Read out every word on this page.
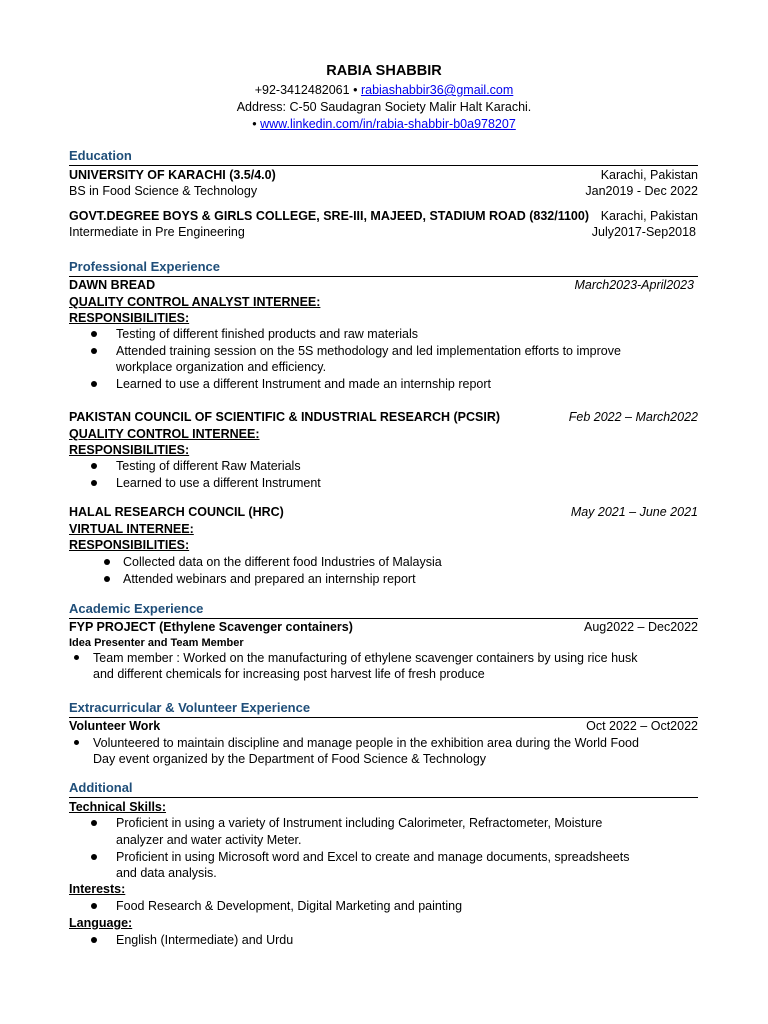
RABIA SHABBIR
+92-3412482061 • rabiashabbir36@gmail.com
Address: C-50 Saudagran Society Malir Halt Karachi.
• www.linkedin.com/in/rabia-shabbir-b0a978207
Education
UNIVERSITY OF KARACHI (3.5/4.0)	Karachi, Pakistan
BS in Food Science & Technology	Jan2019 - Dec 2022
GOVT.DEGREE BOYS & GIRLS COLLEGE, SRE-III, MAJEED, STADIUM ROAD (832/1100) Karachi, Pakistan
Intermediate in Pre Engineering	July2017-Sep2018
Professional Experience
DAWN BREAD	March2023-April2023
QUALITY CONTROL ANALYST INTERNEE:
RESPONSIBILITIES:
Testing of different finished products and raw materials
Attended training session on the 5S methodology and led implementation efforts to improve
workplace organization and efficiency.
Learned to use a different Instrument and made an internship report
PAKISTAN COUNCIL OF SCIENTIFIC & INDUSTRIAL RESEARCH (PCSIR)	Feb 2022 – March2022
QUALITY CONTROL INTERNEE:
RESPONSIBILITIES:
Testing of different Raw Materials
Learned to use a different Instrument
HALAL RESEARCH COUNCIL (HRC)	May 2021 – June 2021
VIRTUAL INTERNEE:
RESPONSIBILITIES:
Collected data on the different food Industries of Malaysia
Attended webinars and prepared an internship report
Academic Experience
FYP PROJECT (Ethylene Scavenger containers)	Aug2022 – Dec2022
Idea Presenter and Team Member
Team member : Worked on the manufacturing of ethylene scavenger containers by using rice husk
and different chemicals for increasing post harvest life of fresh produce
Extracurricular & Volunteer Experience
Volunteer Work	Oct 2022 – Oct2022
Volunteered to maintain discipline and manage people in the exhibition area during the World Food
Day event organized by the Department of Food Science & Technology
Additional
Technical Skills:
Proficient in using a variety of Instrument including Calorimeter, Refractometer, Moisture
analyzer and water activity Meter.
Proficient in using Microsoft word and Excel to create and manage documents, spreadsheets
and data analysis.
Interests:
Food Research & Development, Digital Marketing and painting
Language:
English (Intermediate) and Urdu
